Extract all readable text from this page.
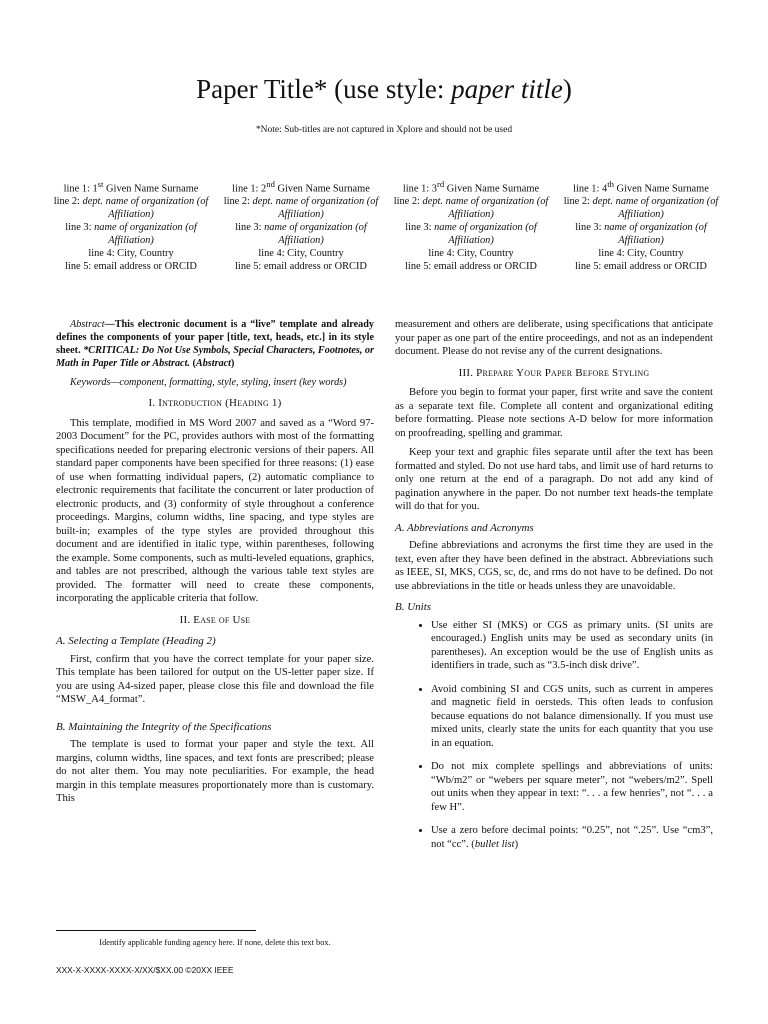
Paper Title* (use style: paper title)
*Note: Sub-titles are not captured in Xplore and should not be used
line 1: 1st Given Name Surname
line 2: dept. name of organization (of Affiliation)
line 3: name of organization (of Affiliation)
line 4: City, Country
line 5: email address or ORCID
line 1: 2nd Given Name Surname
line 2: dept. name of organization (of Affiliation)
line 3: name of organization (of Affiliation)
line 4: City, Country
line 5: email address or ORCID
line 1: 3rd Given Name Surname
line 2: dept. name of organization (of Affiliation)
line 3: name of organization (of Affiliation)
line 4: City, Country
line 5: email address or ORCID
line 1: 4th Given Name Surname
line 2: dept. name of organization (of Affiliation)
line 3: name of organization (of Affiliation)
line 4: City, Country
line 5: email address or ORCID

Abstract—This electronic document is a “live” template and already defines the components of your paper [title, text, heads, etc.] in its style sheet. *CRITICAL: Do Not Use Symbols, Special Characters, Footnotes, or Math in Paper Title or Abstract. (Abstract)

Keywords—component, formatting, style, styling, insert (key words)

I. Introduction (Heading 1)

This template, modified in MS Word 2007 and saved as a “Word 97-2003 Document” for the PC, provides authors with most of the formatting specifications needed for preparing electronic versions of their papers. All standard paper components have been specified for three reasons: (1) ease of use when formatting individual papers, (2) automatic compliance to electronic requirements that facilitate the concurrent or later production of electronic products, and (3) conformity of style throughout a conference proceedings. Margins, column widths, line spacing, and type styles are built-in; examples of the type styles are provided throughout this document and are identified in italic type, within parentheses, following the example. Some components, such as multi-leveled equations, graphics, and tables are not prescribed, although the various table text styles are provided. The formatter will need to create these components, incorporating the applicable criteria that follow.

II. Ease of Use
A. Selecting a Template (Heading 2)

First, confirm that you have the correct template for your paper size. This template has been tailored for output on the US-letter paper size. If you are using A4-sized paper, please close this file and download the file “MSW_A4_format”.

B. Maintaining the Integrity of the Specifications

The template is used to format your paper and style the text. All margins, column widths, line spaces, and text fonts are prescribed; please do not alter them. You may note peculiarities. For example, the head margin in this template measures proportionately more than is customary. This

measurement and others are deliberate, using specifications that anticipate your paper as one part of the entire proceedings, and not as an independent document. Please do not revise any of the current designations.

III. Prepare Your Paper Before Styling

Before you begin to format your paper, first write and save the content as a separate text file. Complete all content and organizational editing before formatting. Please note sections A-D below for more information on proofreading, spelling and grammar.

Keep your text and graphic files separate until after the text has been formatted and styled. Do not use hard tabs, and limit use of hard returns to only one return at the end of a paragraph. Do not add any kind of pagination anywhere in the paper. Do not number text heads-the template will do that for you.

A. Abbreviations and Acronyms

Define abbreviations and acronyms the first time they are used in the text, even after they have been defined in the abstract. Abbreviations such as IEEE, SI, MKS, CGS, sc, dc, and rms do not have to be defined. Do not use abbreviations in the title or heads unless they are unavoidable.

B. Units
• Use either SI (MKS) or CGS as primary units. (SI units are encouraged.) English units may be used as secondary units (in parentheses). An exception would be the use of English units as identifiers in trade, such as “3.5-inch disk drive”.
• Avoid combining SI and CGS units, such as current in amperes and magnetic field in oersteds. This often leads to confusion because equations do not balance dimensionally. If you must use mixed units, clearly state the units for each quantity that you use in an equation.
• Do not mix complete spellings and abbreviations of units: “Wb/m2” or “webers per square meter”, not “webers/m2”. Spell out units when they appear in text: “. . . a few henries”, not “. . . a few H”.
• Use a zero before decimal points: “0.25”, not “.25”. Use “cm3”, not “cc”. (bullet list)
Identify applicable funding agency here. If none, delete this text box.
XXX-X-XXXX-XXXX-X/XX/$XX.00 ©20XX IEEE
